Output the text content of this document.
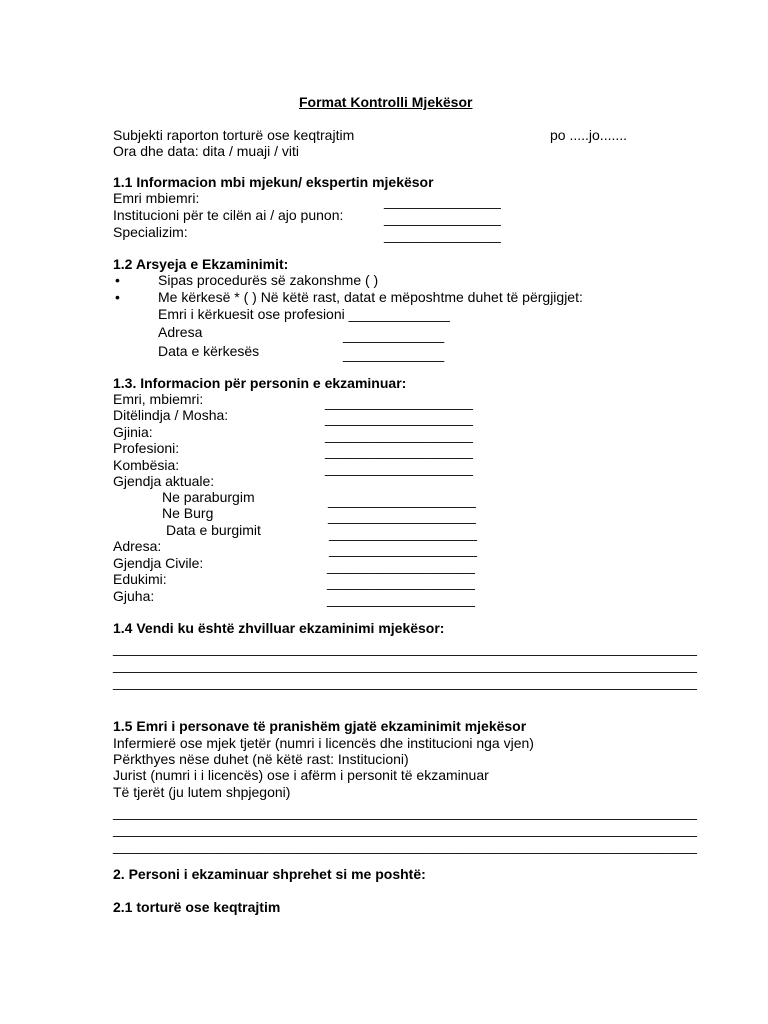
Format Kontrolli Mjekësor
Subjekti raporton torturë ose keqtrajtim	po .....jo.......
Ora dhe data: dita / muaji / viti
1.1 Informacion mbi mjekun/ ekspertin mjekësor
Emri mbiemri:	_______________
Institucioni për te cilën ai / ajo punon:	_______________
Specializim:	_______________
1.2 Arsyeja e Ekzaminimit:
•	Sipas procedurës së zakonshme ( )
•	Me kërkesë * ( ) Në këtë rast, datat e mëposhtme duhet të përgjigjet:
Emri i kërkuesit ose profesioni _____________
Adresa	_____________
Data e kërkesës	_____________
1.3. Informacion për personin e ekzaminuar:
Emri, mbiemri:	___________________
Ditëlindja / Mosha:	___________________
Gjinia:	___________________
Profesioni:	___________________
Kombësia:	___________________
Gjendja aktuale:
Ne paraburgim	___________________
Ne Burg	___________________
Data e burgimit	___________________
Adresa:	___________________
Gjendja Civile:	___________________
Edukimi:	___________________
Gjuha:	___________________
1.4 Vendi ku është zhvilluar ekzaminimi mjekësor:
___________________________________________________________________________
___________________________________________________________________________
___________________________________________________________________________
1.5 Emri i personave të pranishëm gjatë ekzaminimit mjekësor
Infermierë ose mjek tjetër (numri i licencës dhe institucioni nga vjen)
Përkthyes nëse duhet (në këtë rast: Institucioni)
Jurist (numri i i licencës) ose i afërm i personit të ekzaminuar
Të tjerët (ju lutem shpjegoni)
___________________________________________________________________________
___________________________________________________________________________
___________________________________________________________________________
2. Personi i ekzaminuar shprehet si me poshtë:
2.1 torturë ose keqtrajtim
